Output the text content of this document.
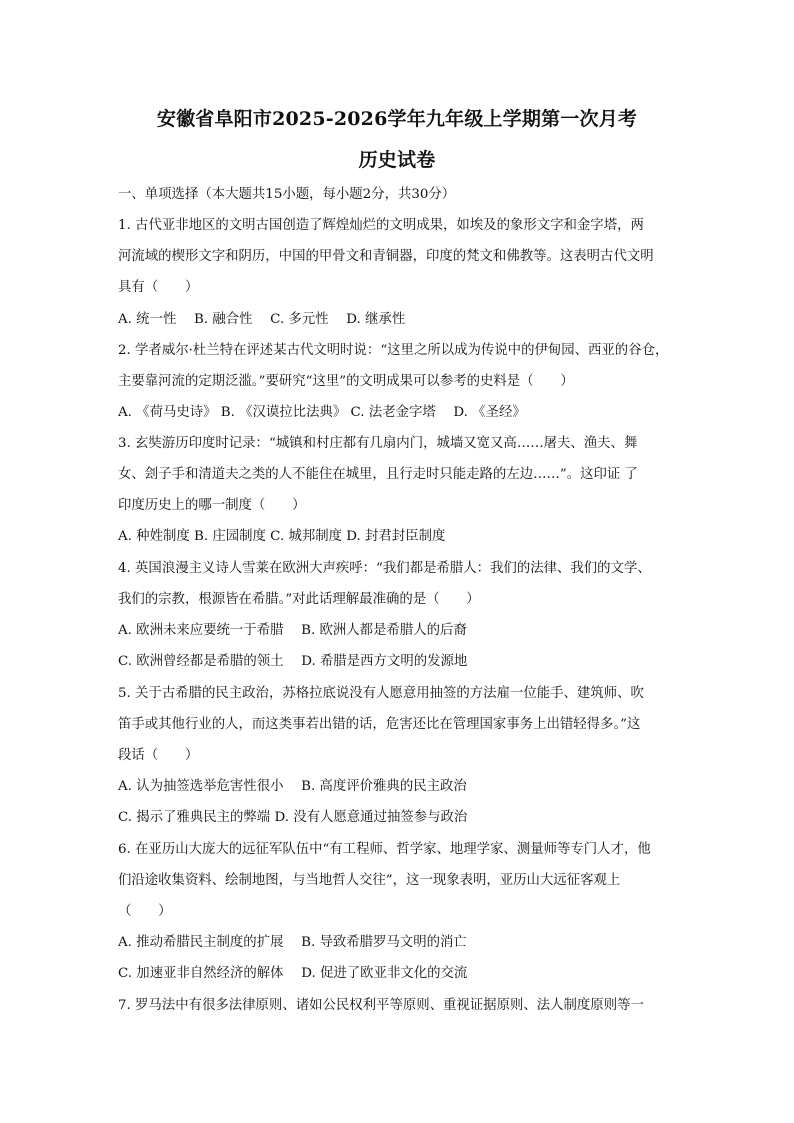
安徽省阜阳市2025-2026学年九年级上学期第一次月考
历史试卷
一、单项选择（本大题共15小题，每小题2分，共30分）
1. 古代亚非地区的文明古国创造了辉煌灿烂的文明成果，如埃及的象形文字和金字塔，两
河流域的楔形文字和阴历，中国的甲骨文和青铜器，印度的梵文和佛教等。这表明古代文明
具有（　　）
A. 统一性　 B. 融合性　 C. 多元性　 D. 继承性
2. 学者威尔·杜兰特在评述某古代文明时说：“这里之所以成为传说中的伊甸园、西亚的谷仓，
主要靠河流的定期泛滥。”要研究“这里”的文明成果可以参考的史料是（　　）
A. 《荷马史诗》 B. 《汉谟拉比法典》 C. 法老金字塔　 D. 《圣经》
3. 玄奘游历印度时记录：“城镇和村庄都有几扇内门，城墙又宽又高……屠夫、渔夫、舞
女、刽子手和清道夫之类的人不能住在城里，且行走时只能走路的左边……”。这印证 了
印度历史上的哪一制度（　　）
A. 种姓制度 B. 庄园制度 C. 城邦制度 D. 封君封臣制度
4. 英国浪漫主义诗人雪莱在欧洲大声疾呼：“我们都是希腊人：我们的法律、我们的文学、
我们的宗教，根源皆在希腊。”对此话理解最准确的是（　　）
A. 欧洲未来应要统一于希腊　 B. 欧洲人都是希腊人的后裔
C. 欧洲曾经都是希腊的领土　 D. 希腊是西方文明的发源地
5. 关于古希腊的民主政治，苏格拉底说没有人愿意用抽签的方法雇一位能手、建筑师、吹
笛手或其他行业的人，而这类事若出错的话，危害还比在管理国家事务上出错轻得多。”这
段话（　　）
A. 认为抽签选举危害性很小　 B. 高度评价雅典的民主政治
C. 揭示了雅典民主的弊端 D. 没有人愿意通过抽签参与政治
6. 在亚历山大庞大的远征军队伍中“有工程师、哲学家、地理学家、测量师等专门人才，他
们沿途收集资料、绘制地图，与当地哲人交往”，这一现象表明，亚历山大远征客观上
（　　）
A. 推动希腊民主制度的扩展　 B. 导致希腊罗马文明的消亡
C. 加速亚非自然经济的解体　 D. 促进了欧亚非文化的交流
7. 罗马法中有很多法律原则、诸如公民权利平等原则、重视证据原则、法人制度原则等一
